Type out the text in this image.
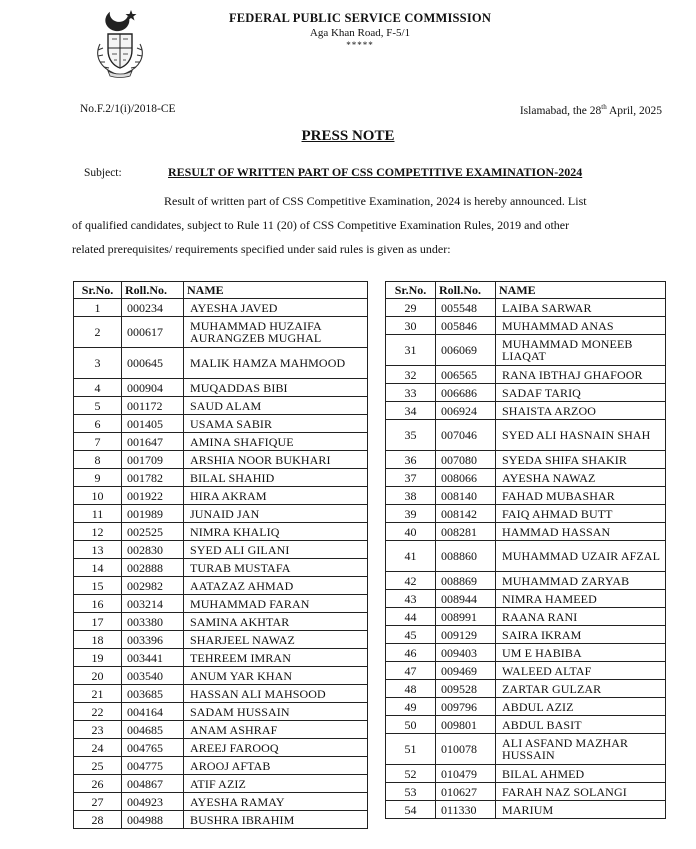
FEDERAL PUBLIC SERVICE COMMISSION
Aga Khan Road, F-5/1
*****
No.F.2/1(i)/2018-CE	Islamabad, the 28th April, 2025
PRESS NOTE
Subject:	RESULT OF WRITTEN PART OF CSS COMPETITIVE EXAMINATION-2024
Result of written part of CSS Competitive Examination, 2024 is hereby announced. List
of qualified candidates, subject to Rule 11 (20) of CSS Competitive Examination Rules, 2019 and other
related prerequisites/ requirements specified under said rules is given as under:
Sr.No.	Roll.No.	NAME
1	000234	AYESHA JAVED
2	000617	MUHAMMAD HUZAIFA AURANGZEB MUGHAL
3	000645	MALIK HAMZA MAHMOOD
4	000904	MUQADDAS BIBI
5	001172	SAUD ALAM
6	001405	USAMA SABIR
7	001647	AMINA SHAFIQUE
8	001709	ARSHIA NOOR BUKHARI
9	001782	BILAL SHAHID
10	001922	HIRA AKRAM
11	001989	JUNAID JAN
12	002525	NIMRA KHALIQ
13	002830	SYED ALI GILANI
14	002888	TURAB MUSTAFA
15	002982	AATAZAZ AHMAD
16	003214	MUHAMMAD FARAN
17	003380	SAMINA AKHTAR
18	003396	SHARJEEL NAWAZ
19	003441	TEHREEM IMRAN
20	003540	ANUM YAR KHAN
21	003685	HASSAN ALI MAHSOOD
22	004164	SADAM HUSSAIN
23	004685	ANAM ASHRAF
24	004765	AREEJ FAROOQ
25	004775	AROOJ AFTAB
26	004867	ATIF AZIZ
27	004923	AYESHA RAMAY
28	004988	BUSHRA IBRAHIM
Sr.No.	Roll.No.	NAME
29	005548	LAIBA SARWAR
30	005846	MUHAMMAD ANAS
31	006069	MUHAMMAD MONEEB LIAQAT
32	006565	RANA IBTHAJ GHAFOOR
33	006686	SADAF TARIQ
34	006924	SHAISTA ARZOO
35	007046	SYED ALI HASNAIN SHAH
36	007080	SYEDA SHIFA SHAKIR
37	008066	AYESHA NAWAZ
38	008140	FAHAD MUBASHAR
39	008142	FAIQ AHMAD BUTT
40	008281	HAMMAD HASSAN
41	008860	MUHAMMAD UZAIR AFZAL
42	008869	MUHAMMAD ZARYAB
43	008944	NIMRA HAMEED
44	008991	RAANA RANI
45	009129	SAIRA IKRAM
46	009403	UM E HABIBA
47	009469	WALEED ALTAF
48	009528	ZARTAR GULZAR
49	009796	ABDUL AZIZ
50	009801	ABDUL BASIT
51	010078	ALI ASFAND MAZHAR HUSSAIN
52	010479	BILAL AHMED
53	010627	FARAH NAZ SOLANGI
54	011330	MARIUM
